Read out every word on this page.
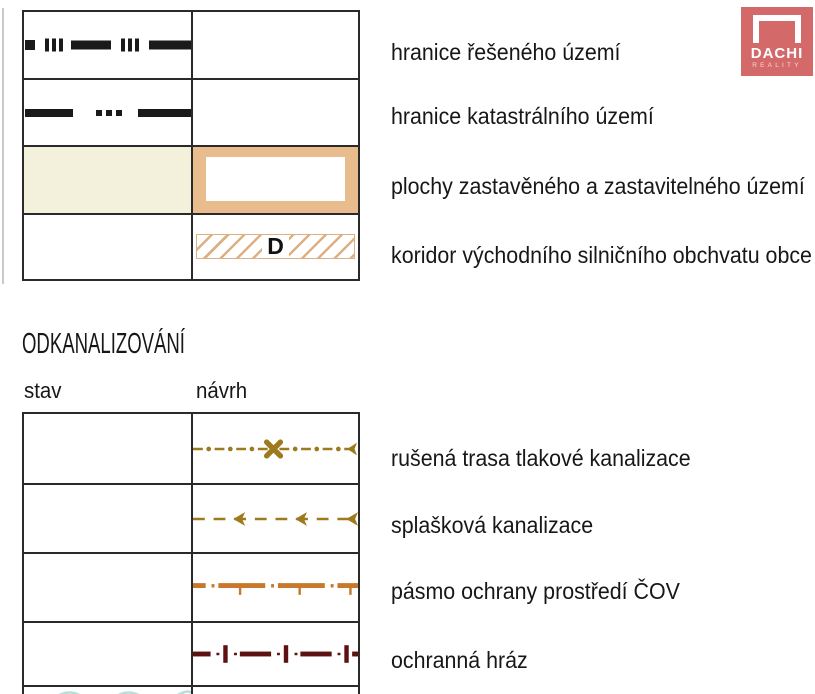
D
hranice řešeného území
hranice katastrálního území
plochy zastavěného a zastavitelného území
koridor východního silničního obchvatu obce
DACHI
REALITY
ODKANALIZOVÁNÍ
stav	návrh
rušená trasa tlakové kanalizace
splašková kanalizace
pásmo ochrany prostředí ČOV
ochranná hráz
